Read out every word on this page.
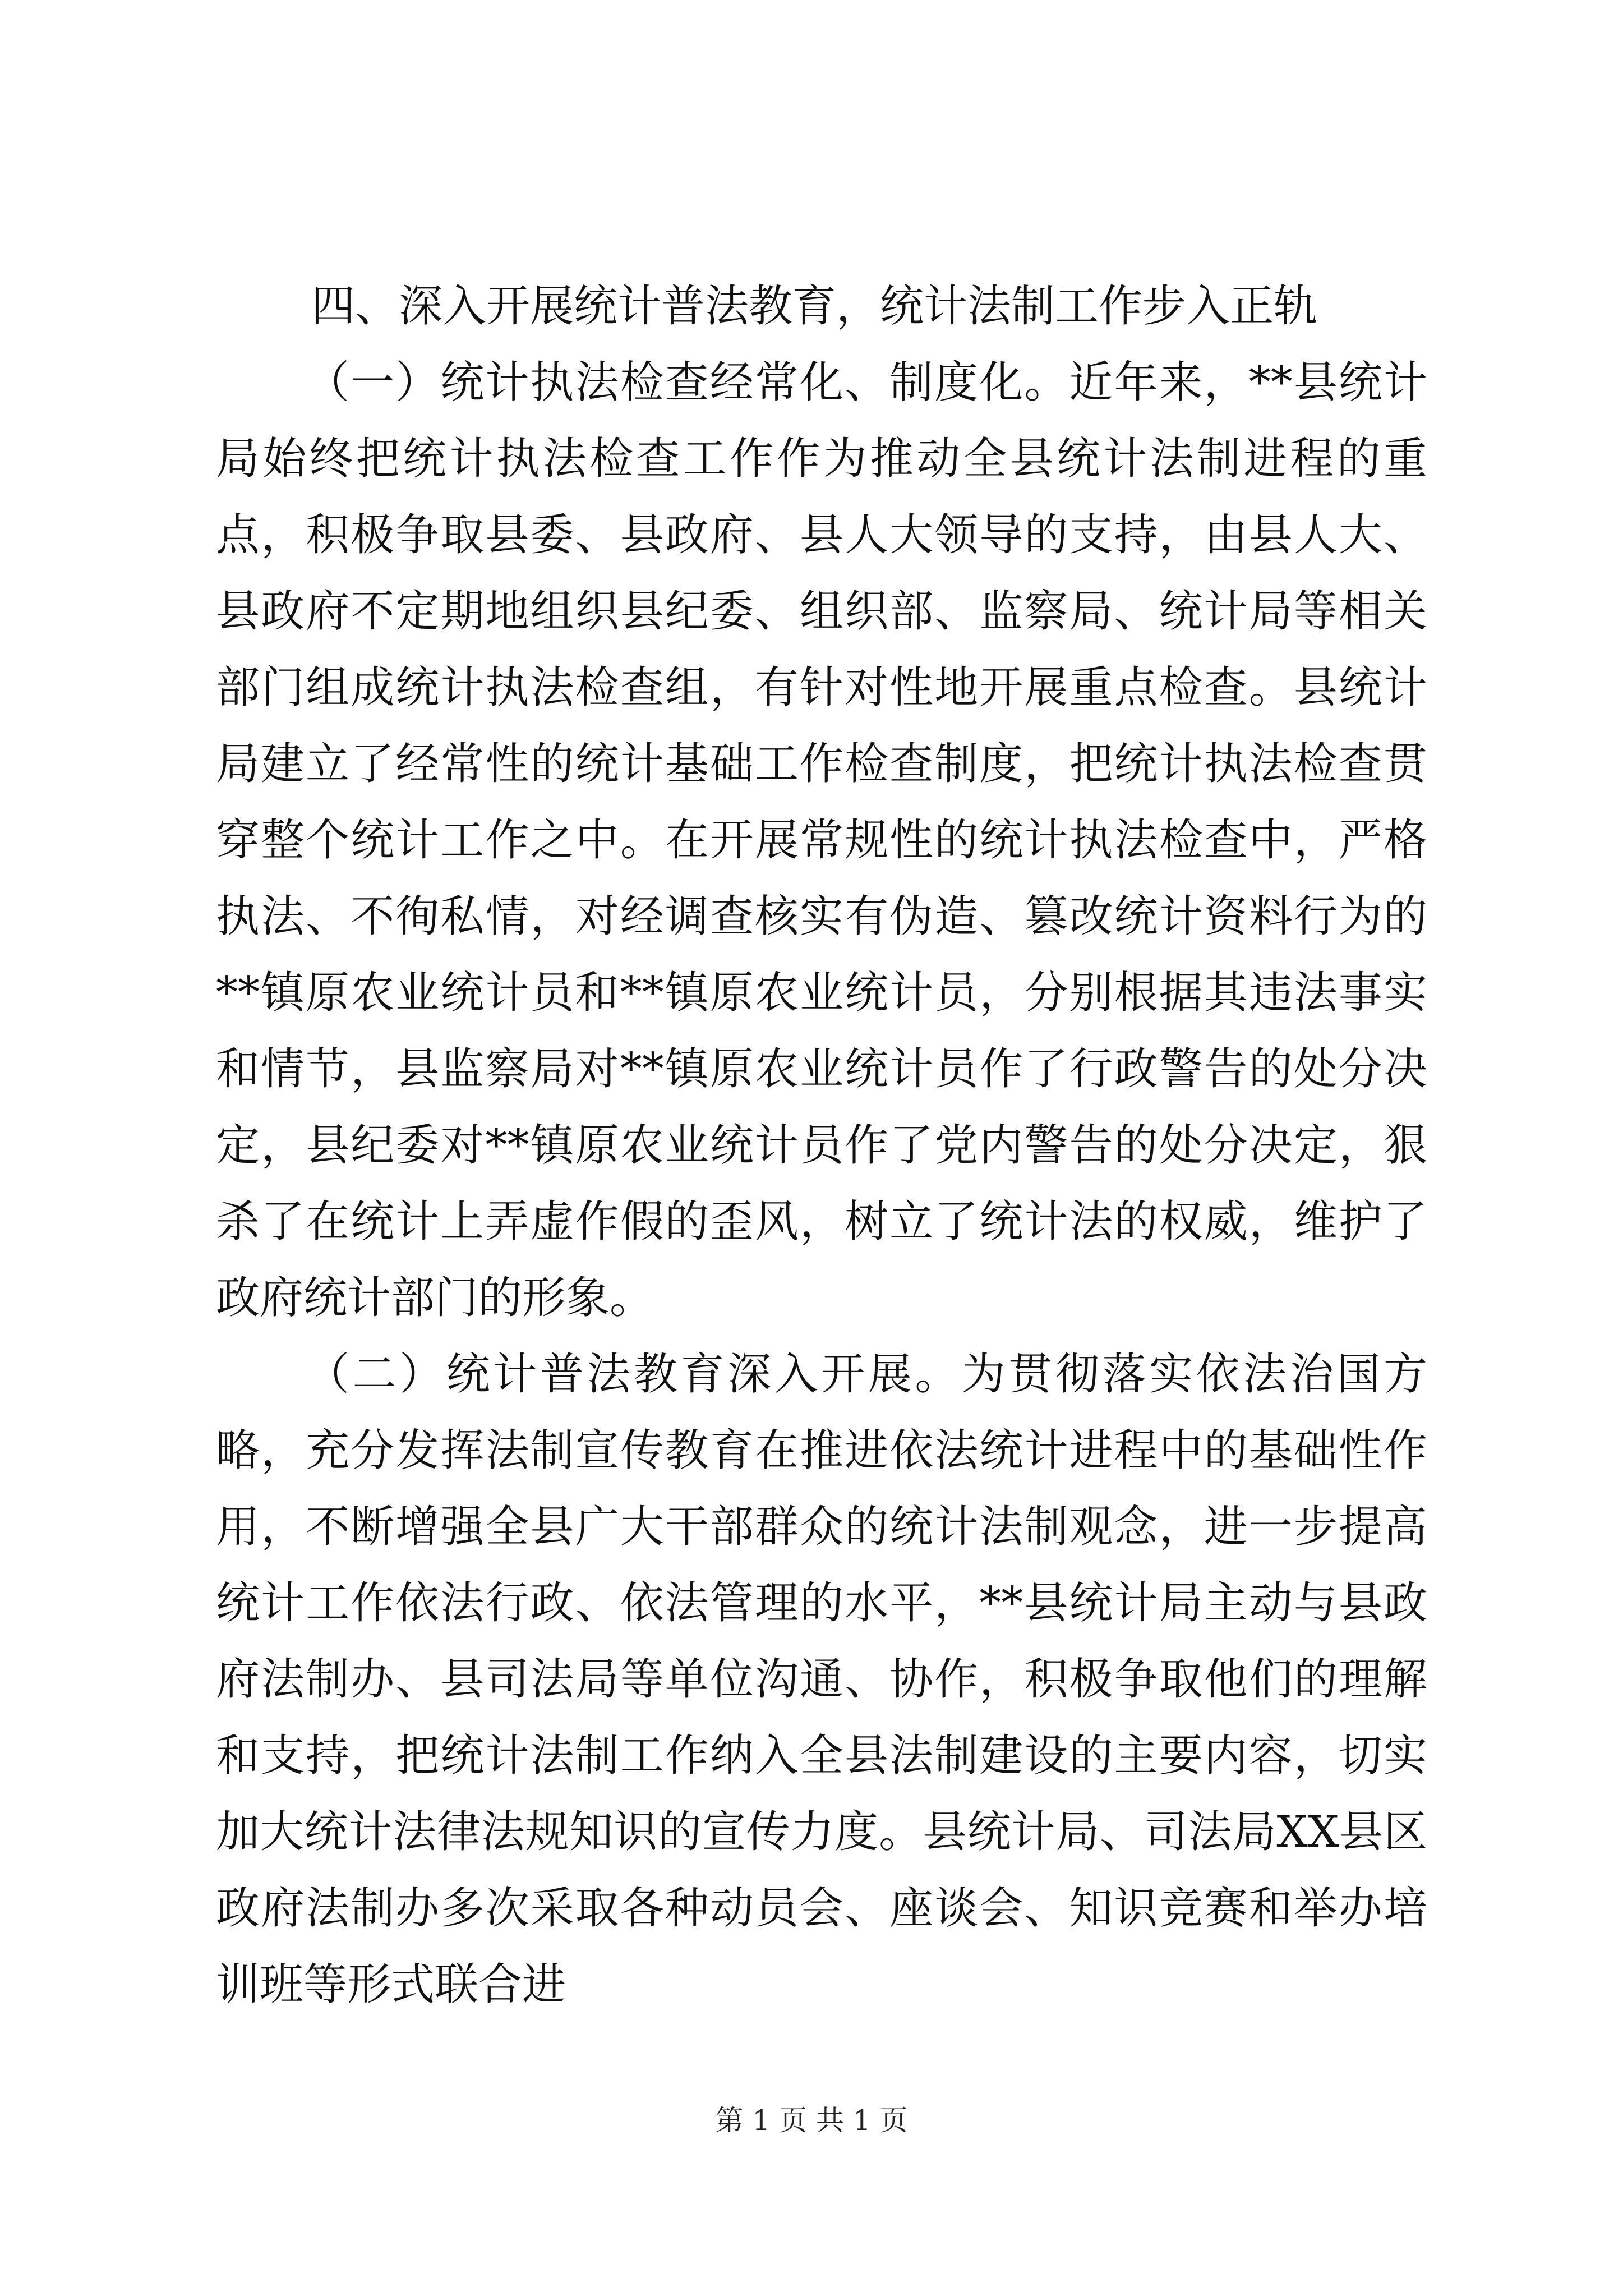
四、深入开展统计普法教育，统计法制工作步入正轨

（一）统计执法检查经常化、制度化。近年来，**县统计局始终把统计执法检查工作作为推动全县统计法制进程的重点，积极争取县委、县政府、县人大领导的支持，由县人大、县政府不定期地组织县纪委、组织部、监察局、统计局等相关部门组成统计执法检查组，有针对性地开展重点检查。县统计局建立了经常性的统计基础工作检查制度，把统计执法检查贯穿整个统计工作之中。在开展常规性的统计执法检查中，严格执法、不徇私情，对经调查核实有伪造、篡改统计资料行为的**镇原农业统计员和**镇原农业统计员，分别根据其违法事实和情节，县监察局对**镇原农业统计员作了行政警告的处分决定，县纪委对**镇原农业统计员作了党内警告的处分决定，狠杀了在统计上弄虚作假的歪风，树立了统计法的权威，维护了政府统计部门的形象。

（二）统计普法教育深入开展。为贯彻落实依法治国方略，充分发挥法制宣传教育在推进依法统计进程中的基础性作用，不断增强全县广大干部群众的统计法制观念，进一步提高统计工作依法行政、依法管理的水平，**县统计局主动与县政府法制办、县司法局等单位沟通、协作，积极争取他们的理解和支持，把统计法制工作纳入全县法制建设的主要内容，切实加大统计法律法规知识的宣传力度。县统计局、司法局XX县区政府法制办多次采取各种动员会、座谈会、知识竞赛和举办培训班等形式联合进

第 1 页 共 1 页
